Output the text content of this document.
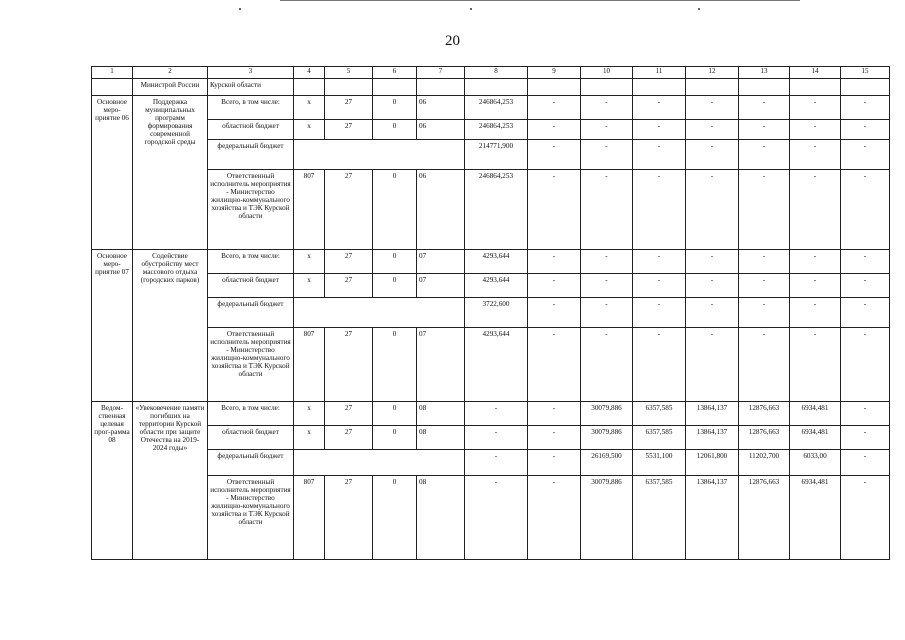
20
1	2	3	4	5	6	7	8	9	10	11	12	13	14	15
	Министрой России	Курской области												
Основное меро-приятие 06	Поддержка муниципальных программ формирования современной городской среды	Всего, в том числе:	х	27	0	06	246864,253	-	-	-	-	-	-	-
		областной бюджет	х	27	0	06	246864,253	-	-	-	-	-	-	-
		федеральный бюджет					214771,900	-	-	-	-	-	-	-
		Ответственный исполнитель мероприятия - Министерство жилищно-коммунального хозяйства и ТЭК Курской области	807	27	0	06	246864,253	-	-	-	-	-	-	-
Основное меро-приятие 07	Содействие обустройству мест массового отдыха (городских парков)	Всего, в том числе:	х	27	0	07	4293,644	-	-	-	-	-	-	-
		областной бюджет	х	27	0	07	4293,644	-	-	-	-	-	-	-
		федеральный бюджет					3722,600	-	-	-	-	-	-	-
		Ответственный исполнитель мероприятия - Министерство жилищно-коммунального хозяйства и ТЭК Курской области	807	27	0	07	4293,644	-	-	-	-	-	-	-
Ведом-ственная целевая прог-рамма 08	«Увековечение памяти погибших на территории Курской области при защите Отечества на 2019-2024 годы»	Всего, в том числе:	х	27	0	08	-	-	30079,886	6357,585	13864,137	12876,663	6934,481	-
		областной бюджет	х	27	0	08	-	-	30079,886	6357,585	13864,137	12876,663	6934,481	-
		федеральный бюджет					-	-	26169,500	5531,100	12061,800	11202,700	6033,00	-
		Ответственный исполнитель мероприятия - Министерство жилищно-коммунального хозяйства и ТЭК Курской области	807	27	0	08	-	-	30079,886	6357,585	13864,137	12876,663	6934,481	-
